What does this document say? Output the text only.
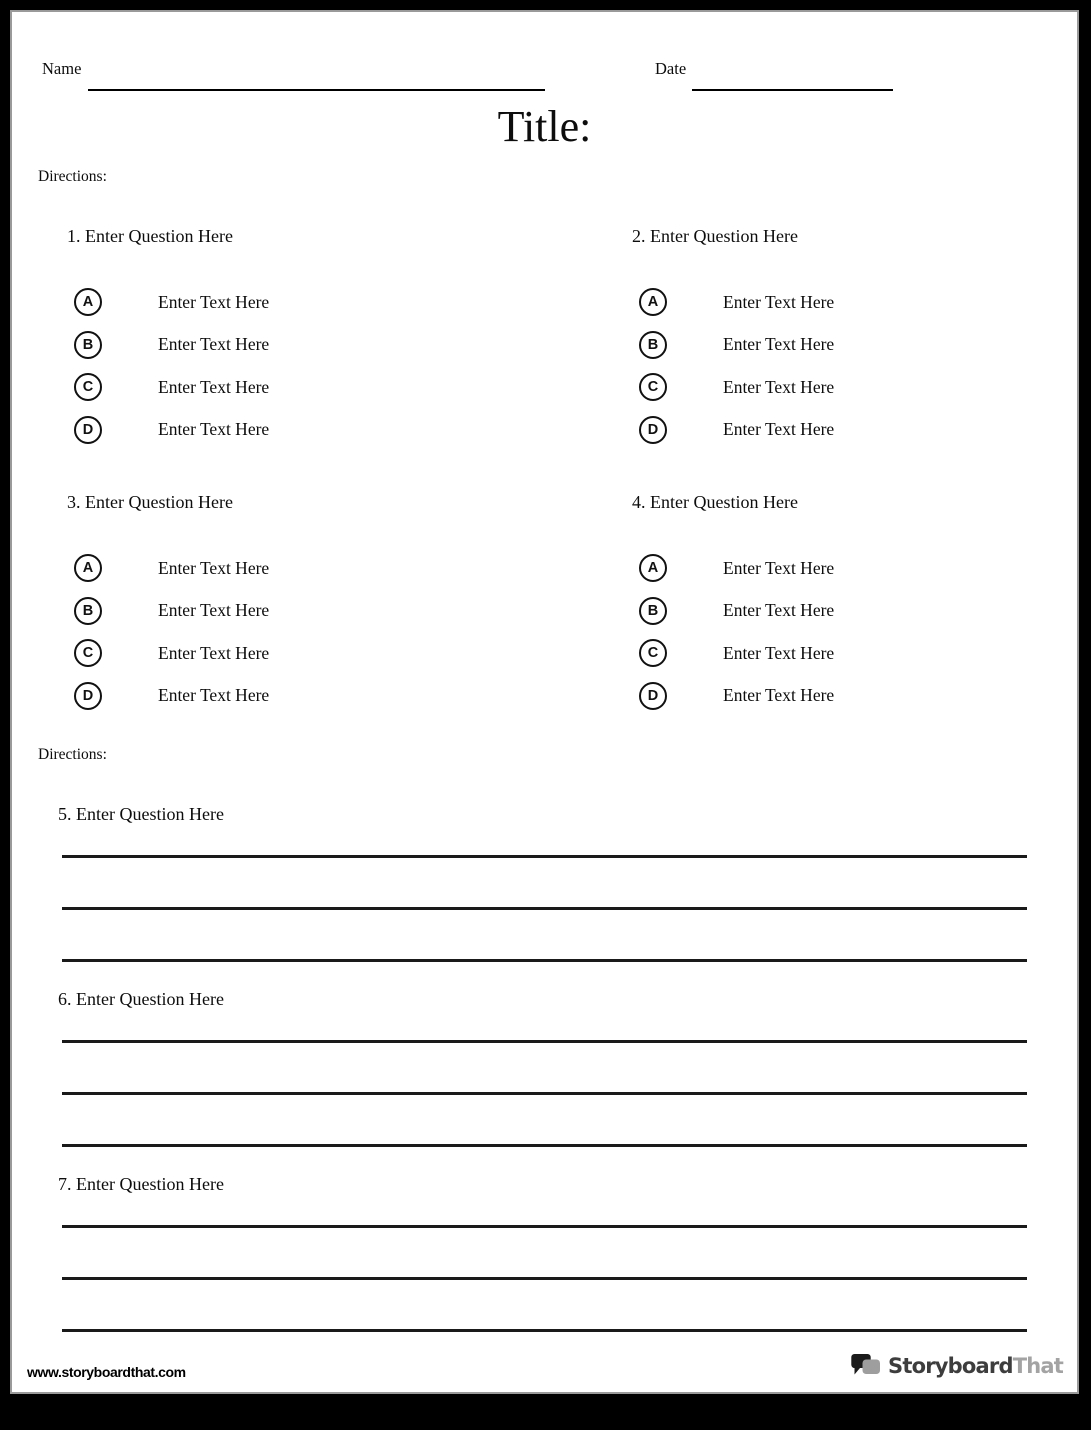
Name	Date
Title:
Directions:
1. Enter Question Here
A	Enter Text Here
B	Enter Text Here
C	Enter Text Here
D	Enter Text Here
2. Enter Question Here
A	Enter Text Here
B	Enter Text Here
C	Enter Text Here
D	Enter Text Here
3. Enter Question Here
A	Enter Text Here
B	Enter Text Here
C	Enter Text Here
D	Enter Text Here
4. Enter Question Here
A	Enter Text Here
B	Enter Text Here
C	Enter Text Here
D	Enter Text Here
Directions:
5. Enter Question Here
6. Enter Question Here
7. Enter Question Here
www.storyboardthat.com	StoryboardThat
